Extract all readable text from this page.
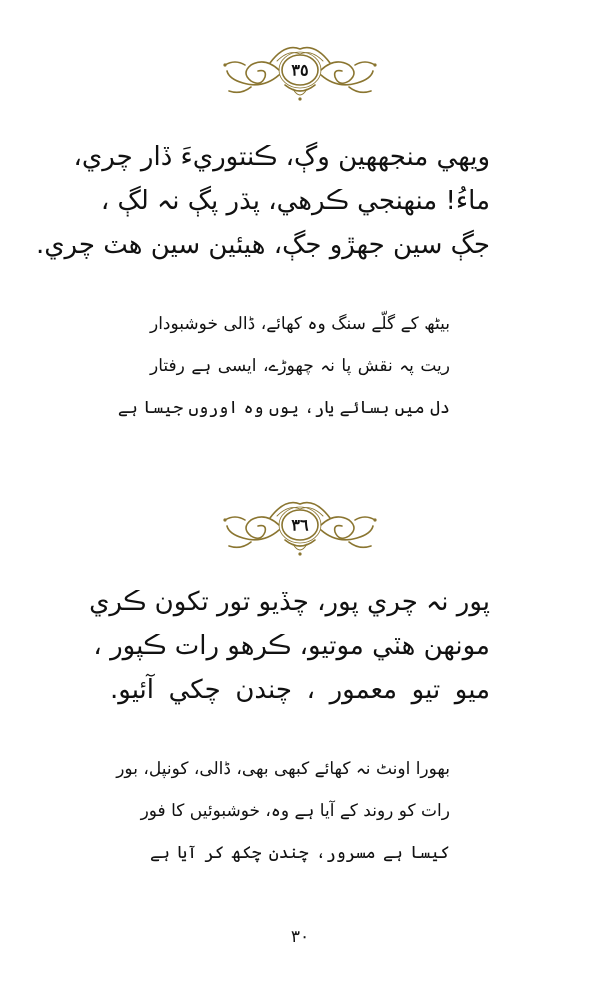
٣٥
ويهي منجهھين وڳ، ڪنتوريءَ ڏار چري،
ماءُ! منهنجي ڪرهي، پڌر پڳ نہ لڳ ،
جڳ سين جهڙو جڳ، هيئين سين هٽ چري.
بیٹھ کے گلّے سنگ وہ کھائے، ڈالی خوشبودار
ریت پہ نقش پا نہ چھوڑے، ایسی ہے رفتار
دل میں بسائے یار، یوں وہ اوروں جیسا ہے
٣٦
پور نہ چري پور، چڏيو تور تکون ڪري
مونهن هٽي موتيو، ڪرهو رات ڪپور ،
ميو تيو معمور ، چندن چکي آئيو.
بھورا اونٹ نہ کھائے کبھی بھی، ڈالی، کونپل، بور
رات کو روند کے آیا ہے وہ، خوشبوئیں کا فور
کیسا ہے مسرور، چندن چکھ کر آیا ہے
٣٠
